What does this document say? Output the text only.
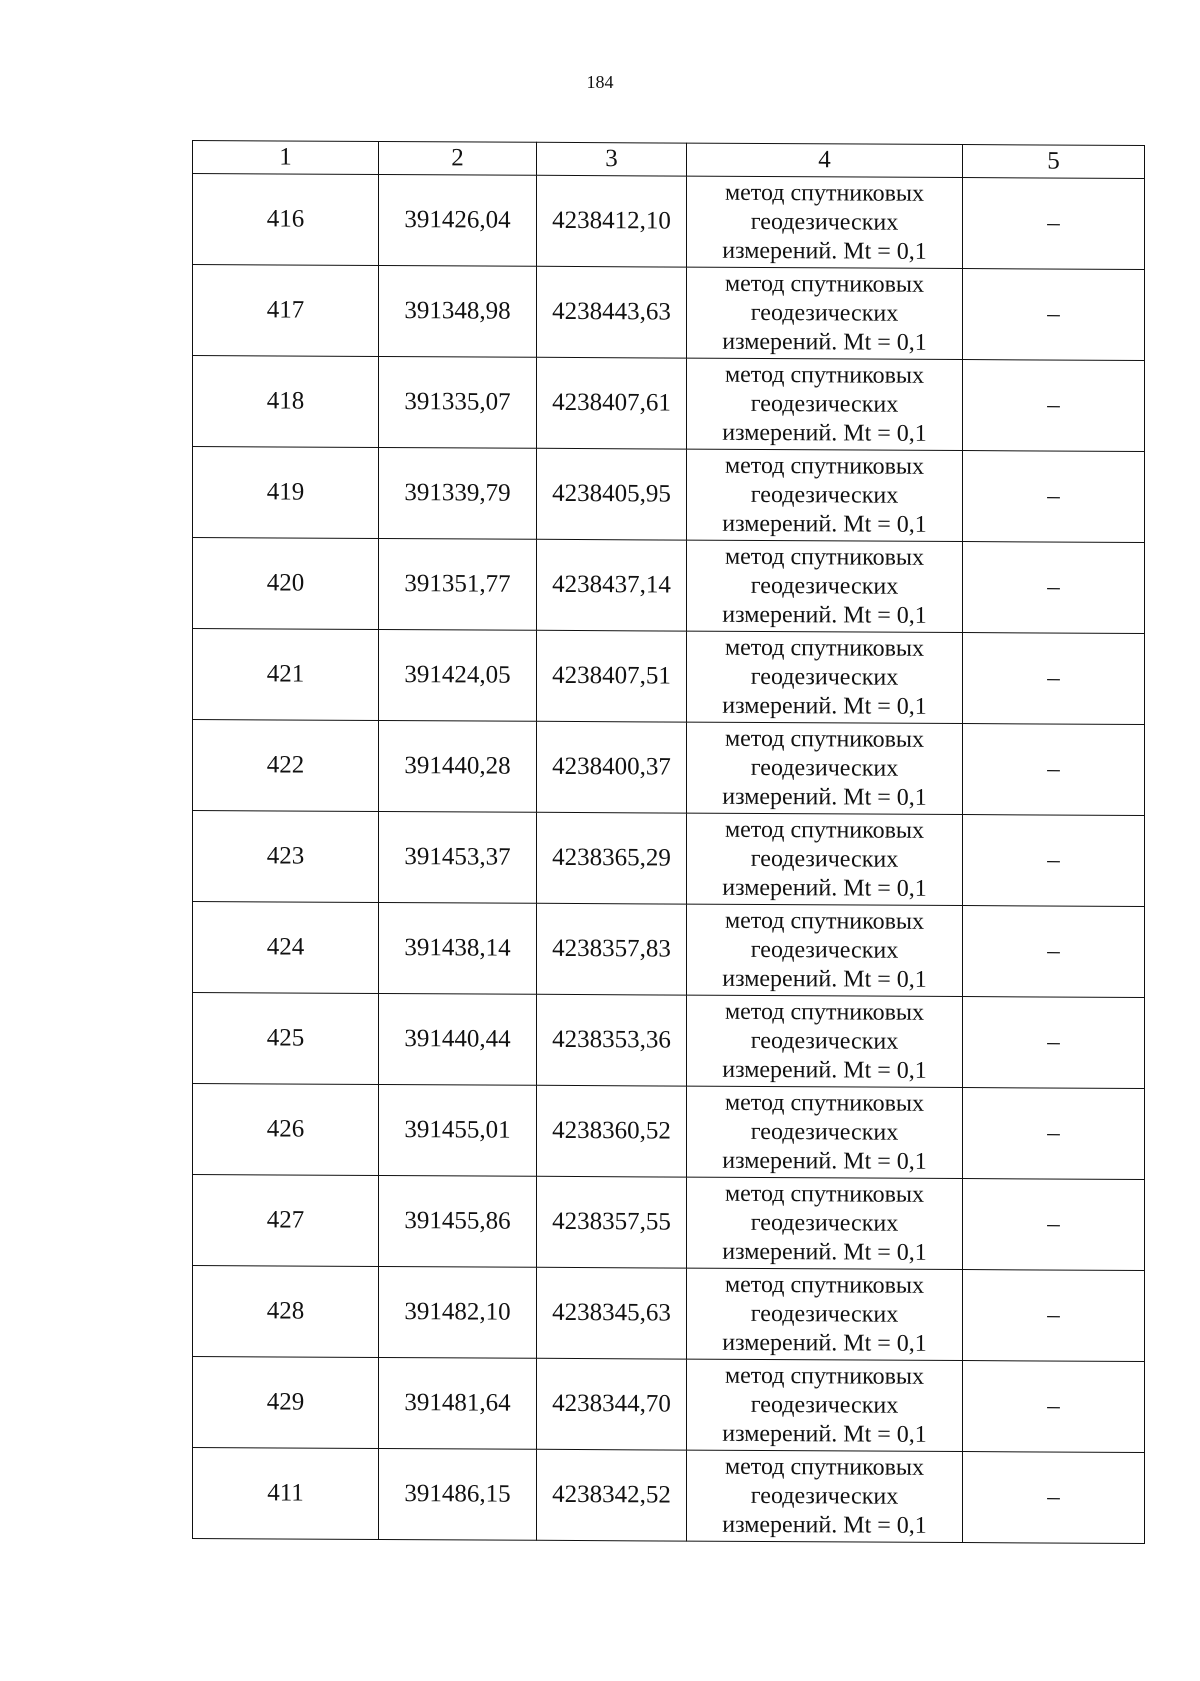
184
1	2	3	4	5
416	391426,04	4238412,10	метод спутниковых
геодезических
измерений. Mt = 0,1	–
417	391348,98	4238443,63	метод спутниковых
геодезических
измерений. Mt = 0,1	–
418	391335,07	4238407,61	метод спутниковых
геодезических
измерений. Mt = 0,1	–
419	391339,79	4238405,95	метод спутниковых
геодезических
измерений. Mt = 0,1	–
420	391351,77	4238437,14	метод спутниковых
геодезических
измерений. Mt = 0,1	–
421	391424,05	4238407,51	метод спутниковых
геодезических
измерений. Mt = 0,1	–
422	391440,28	4238400,37	метод спутниковых
геодезических
измерений. Mt = 0,1	–
423	391453,37	4238365,29	метод спутниковых
геодезических
измерений. Mt = 0,1	–
424	391438,14	4238357,83	метод спутниковых
геодезических
измерений. Mt = 0,1	–
425	391440,44	4238353,36	метод спутниковых
геодезических
измерений. Mt = 0,1	–
426	391455,01	4238360,52	метод спутниковых
геодезических
измерений. Mt = 0,1	–
427	391455,86	4238357,55	метод спутниковых
геодезических
измерений. Mt = 0,1	–
428	391482,10	4238345,63	метод спутниковых
геодезических
измерений. Mt = 0,1	–
429	391481,64	4238344,70	метод спутниковых
геодезических
измерений. Mt = 0,1	–
411	391486,15	4238342,52	метод спутниковых
геодезических
измерений. Mt = 0,1	–
